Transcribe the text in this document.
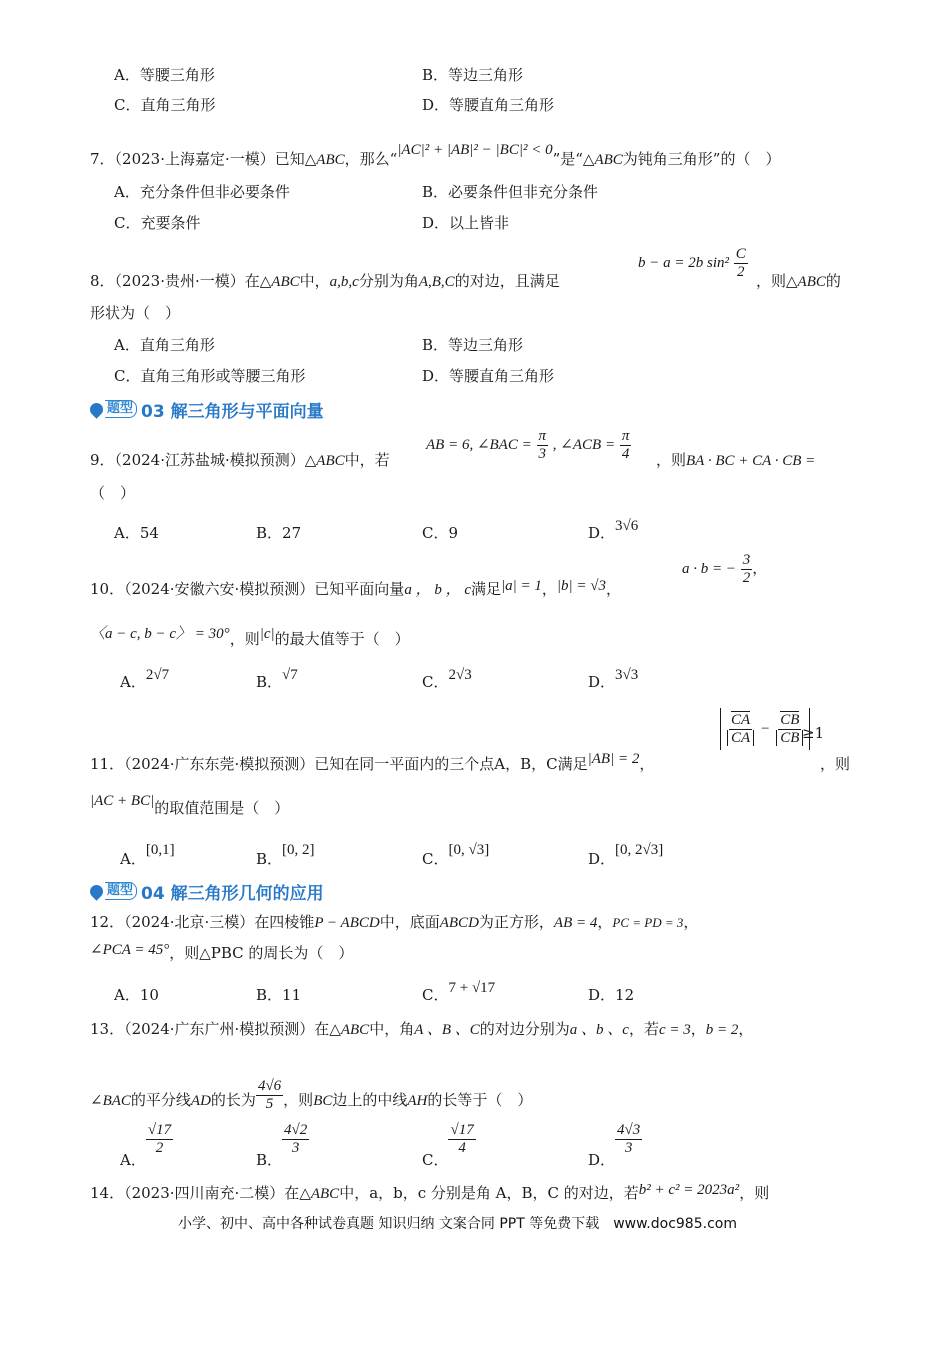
A．等腰三角形	B．等边三角形
C．直角三角形	D．等腰直角三角形
7．（2023·上海嘉定·一模）已知△ABC，那么“|AC|² + |AB|² − |BC|² < 0”是“△ABC为钝角三角形”的（　）
A．充分条件但非必要条件	B．必要条件但非充分条件
C．充要条件	D．以上皆非
8．（2023·贵州·一模）在△ABC中，a,b,c分别为角A,B,C的对边，且满足
b − a = 2b $\sin^2 \frac{C}{2}$
，则△ABC的
形状为（　）
A．直角三角形	B．等边三角形
C．直角三角形或等腰三角形	D．等腰直角三角形
题型 03 解三角形与平面向量
9．（2024·江苏盐城·模拟预测）△ABC中，若
AB = 6, ∠BAC = $\frac{\pi}{3}$ , ∠ACB = $\frac{\pi}{4}$ ，则BA · BC + CA · CB =
（　）
A．54	B．27	C．9	D．3√6
10．（2024·安徽六安·模拟预测）已知平面向量a ， b ， c满足|a| = 1，|b| = √3，
a · b = − $\frac{3}{2}$ ，
〈a − c, b − c〉 = 30°，则|c|的最大值等于（　）
A．2√7	B．√7	C．2√3	D．3√3
11．（2024·广东东莞·模拟预测）已知在同一平面内的三个点A，B，C满足|AB| = 2，
$\frac{CA}{CA} - \frac{CB}{CB}$
≥1
，则
|AC + BC|的取值范围是（　）
A．[0,1]	B．[0, 2]	C．[0, √3]	D．[0, 2√3]
题型 04 解三角形几何的应用
12．（2024·北京·三模）在四棱锥P − ABCD中，底面ABCD为正方形，AB = 4，PC = PD = 3，
∠PCA = 45°，则△PBC 的周长为（　）
A．10	B．11	C．7 + √17	D．12
13．（2024·广东广州·模拟预测）在△ABC中，角A 、B 、C的对边分别为a 、b 、c，若c = 3，b = 2，
∠BAC的平分线AD的长为 $\frac{4√6}{5}$ ，则BC边上的中线AH的长等于（　）
A．
$\frac{√17}{2}$
B．
$\frac{4√2}{3}$
C．
$\frac{√17}{4}$
D．
$\frac{4√3}{3}$
14．（2023·四川南充·二模）在△ABC中，a，b，c 分别是角 A，B，C 的对边，若b² + c² = 2023a²，则
小学、初中、高中各种试卷真题 知识归纳 文案合同 PPT 等免费下载　www.doc985.com
